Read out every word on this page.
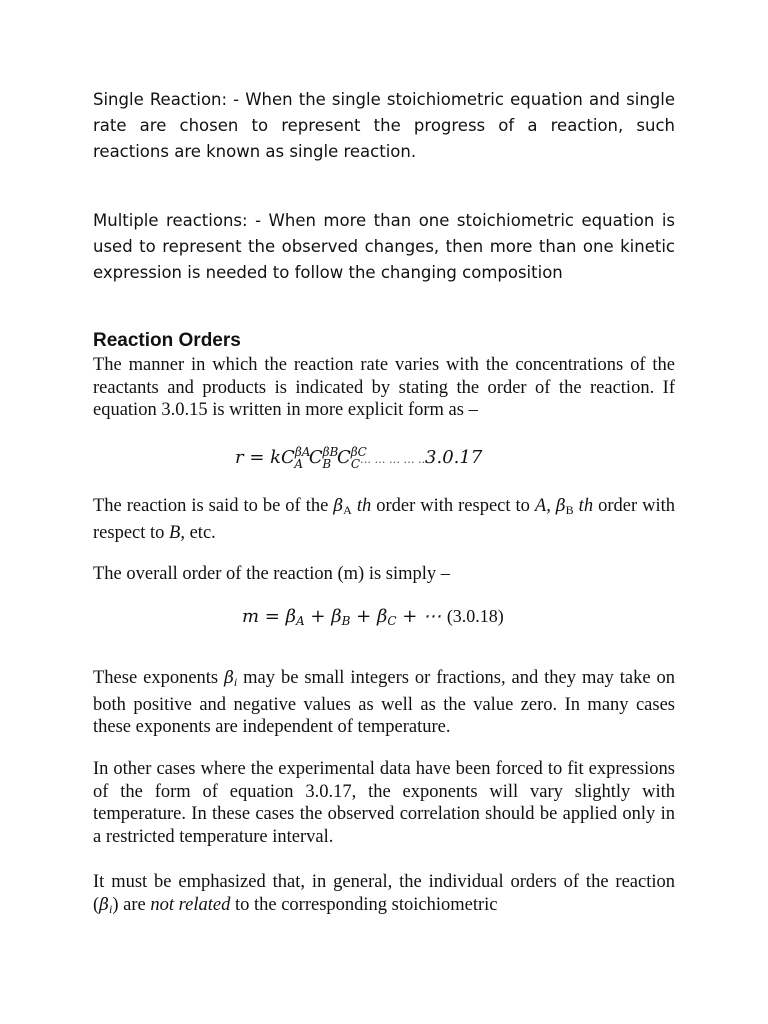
Single Reaction: - When the single stoichiometric equation and single rate are chosen to represent the progress of a reaction, such reactions are known as single reaction.

Multiple reactions: - When more than one stoichiometric equation is used to represent the observed changes, then more than one kinetic expression is needed to follow the changing composition

Reaction Orders

The manner in which the reaction rate varies with the concentrations of the reactants and products is indicated by stating the order of the reaction. If equation 3.0.15 is written in more explicit form as –

$r = kC^{\beta A}_A$ $C^{\beta B}_B$ $C^{\beta C}_C\dots$ … … … ..3.0.17

The reaction is said to be of the $\beta_A$ th order with respect to A, $\beta_B$ th order with respect to B, etc.

The overall order of the reaction (m) is simply –

$m = \beta_A + \beta_B + \beta_C$ + ⋯ (3.0.18)

These exponents $\beta_i$ may be small integers or fractions, and they may take on both positive and negative values as well as the value zero. In many cases these exponents are independent of temperature.

In other cases where the experimental data have been forced to fit expressions of the form of equation 3.0.17, the exponents will vary slightly with temperature. In these cases the observed correlation should be applied only in a restricted temperature interval.

It must be emphasized that, in general, the individual orders of the reaction $(\beta_i)$ are not related to the corresponding stoichiometric
